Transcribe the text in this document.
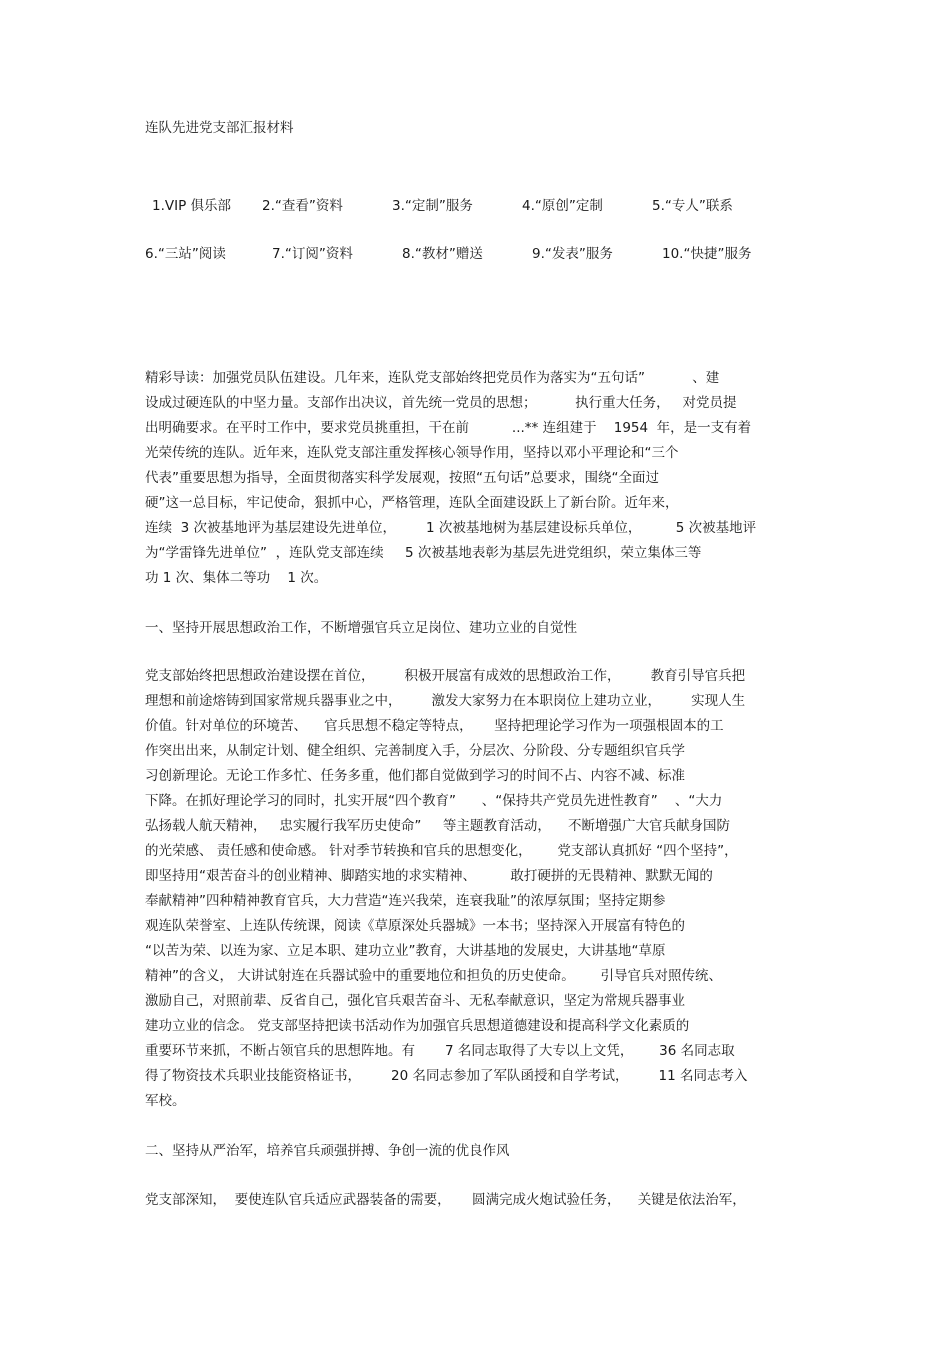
连队先进党支部汇报材料
1.VIP 俱乐部 2.“查看”资料	3.“定制”服务	4.“原创”定制	5.“专人”联系
6.“三站”阅读	7.“订阅”资料	8.“教材”赠送	9.“发表”服务	10.“快捷”服务
精彩导读：加强党员队伍建设。几年来，连队党支部始终把党员作为落实为“五句话”           、建
设成过硬连队的中坚力量。支部作出决议，首先统一党员的思想；         执行重大任务，   对党员提
出明确要求。在平时工作中，要求党员挑重担，干在前          ...** 连组建于    1954  年，是一支有着
光荣传统的连队。近年来，连队党支部注重发挥核心领导作用，坚持以邓小平理论和“三个
代表”重要思想为指导，全面贯彻落实科学发展观，按照“五句话”总要求，围绕“全面过
硬”这一总目标，牢记使命，狠抓中心，严格管理，连队全面建设跃上了新台阶。近年来，
连续  3 次被基地评为基层建设先进单位，       1 次被基地树为基层建设标兵单位，        5 次被基地评
为“学雷锋先进单位”  ，连队党支部连续     5 次被基地表彰为基层先进党组织，荣立集体三等
功 1 次、集体二等功    1 次。
一、坚持开展思想政治工作，不断增强官兵立足岗位、建功立业的自觉性
党支部始终把思想政治建设摆在首位，       积极开展富有成效的思想政治工作，       教育引导官兵把
理想和前途熔铸到国家常规兵器事业之中，       激发大家努力在本职岗位上建功立业，       实现人生
价值。针对单位的环境苦、    官兵思想不稳定等特点，     坚持把理论学习作为一项强根固本的工
作突出出来，从制定计划、健全组织、完善制度入手，分层次、分阶段、分专题组织官兵学
习创新理论。无论工作多忙、任务多重，他们都自觉做到学习的时间不占、内容不减、标准
下降。在抓好理论学习的同时，扎实开展“四个教育”      、“保持共产党员先进性教育”    、“大力
弘扬载人航天精神，   忠实履行我军历史使命”     等主题教育活动，    不断增强广大官兵献身国防
的光荣感、 责任感和使命感。 针对季节转换和官兵的思想变化，      党支部认真抓好 “四个坚持”，
即坚持用“艰苦奋斗的创业精神、脚踏实地的求实精神、        敢打硬拼的无畏精神、默默无闻的
奉献精神”四种精神教育官兵，大力营造“连兴我荣，连衰我耻”的浓厚氛围；坚持定期参
观连队荣誉室、上连队传统课，阅读《草原深处兵器城》一本书；坚持深入开展富有特色的
“以苦为荣、以连为家、立足本职、建功立业”教育，大讲基地的发展史，大讲基地“草原
精神”的含义， 大讲试射连在兵器试验中的重要地位和担负的历史使命。      引导官兵对照传统、
激励自己，对照前辈、反省自己，强化官兵艰苦奋斗、无私奉献意识，坚定为常规兵器事业
建功立业的信念。 党支部坚持把读书活动作为加强官兵思想道德建设和提高科学文化素质的
重要环节来抓，不断占领官兵的思想阵地。有       7 名同志取得了大专以上文凭，      36 名同志取
得了物资技术兵职业技能资格证书，       20 名同志参加了军队函授和自学考试，       11 名同志考入
军校。
二、坚持从严治军，培养官兵顽强拼搏、争创一流的优良作风
党支部深知，  要使连队官兵适应武器装备的需要，     圆满完成火炮试验任务，    关键是依法治军，
